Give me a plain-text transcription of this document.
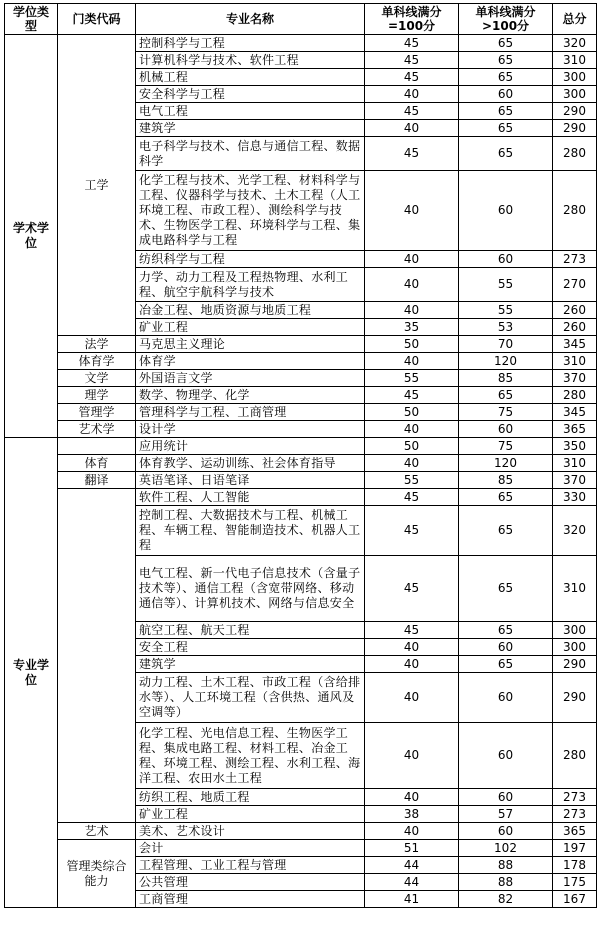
学位类型	门类代码	专业名称	单科线满分=100分	单科线满分>100分	总分
学术学位	工学	控制科学与工程	45	65	320
		计算机科学与技术、软件工程	45	65	310
		机械工程	45	65	300
		安全科学与工程	40	60	300
		电气工程	45	65	290
		建筑学	40	65	290
		电子科学与技术、信息与通信工程、数据科学	45	65	280
		化学工程与技术、光学工程、材料科学与工程、仪器科学与技术、土木工程（人工环境工程、市政工程）、测绘科学与技术、生物医学工程、环境科学与工程、集成电路科学与工程	40	60	280
		纺织科学与工程	40	60	273
		力学、动力工程及工程热物理、水利工程、航空宇航科学与技术	40	55	270
		冶金工程、地质资源与地质工程	40	55	260
		矿业工程	35	53	260
	法学	马克思主义理论	50	70	345
	体育学	体育学	40	120	310
	文学	外国语言文学	55	85	370
	理学	数学、物理学、化学	45	65	280
	管理学	管理科学与工程、工商管理	50	75	345
	艺术学	设计学	40	60	365
专业学位		应用统计	50	75	350
	体育	体育教学、运动训练、社会体育指导	40	120	310
	翻译	英语笔译、日语笔译	55	85	370
		软件工程、人工智能	45	65	330
		控制工程、大数据技术与工程、机械工程、车辆工程、智能制造技术、机器人工程	45	65	320
		电气工程、新一代电子信息技术（含量子技术等）、通信工程（含宽带网络、移动通信等）、计算机技术、网络与信息安全	45	65	310
		航空工程、航天工程	45	65	300
		安全工程	40	60	300
		建筑学	40	65	290
		动力工程、土木工程、市政工程（含给排水等）、人工环境工程（含供热、通风及空调等）	40	60	290
		化学工程、光电信息工程、生物医学工程、集成电路工程、材料工程、冶金工程、环境工程、测绘工程、水利工程、海洋工程、农田水土工程	40	60	280
		纺织工程、地质工程	40	60	273
		矿业工程	38	57	273
	艺术	美术、艺术设计	40	60	365
	管理类综合能力	会计	51	102	197
		工程管理、工业工程与管理	44	88	178
		公共管理	44	88	175
		工商管理	41	82	167
